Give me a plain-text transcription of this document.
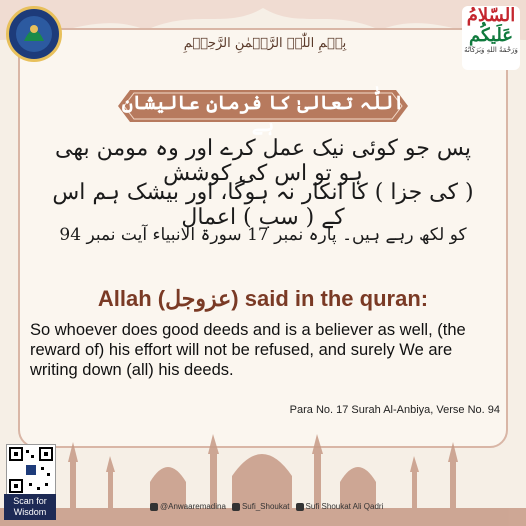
السّلامُ
عَلَیکُم
وَرَحْمَةُ اللهِ وَبَرَكَاتُهُ
بِسۡمِ اللّٰہِ الرَّحۡمٰنِ الرَّحِیۡمِ
اللّٰہ تعالیٰ کا فرمانِ عالیشان ہے
پس جو کوئی نیک عمل کرے اور وہ مومن بھی ہو تو اس کی کوشش
( کی جزا ) کا انکار نہ ہوگا، اور بیشک ہم اس کے ( سب ) اعمال
کو لکھ رہے ہیں۔ پارہ نمبر 17 سورۃ الانبیاء آیت نمبر 94
Allah (عزوجل) said in the quran:
So whoever does good deeds and is a believer as well, (the reward of) his effort will not be refused, and surely We are writing down (all) his deeds.
Para No. 17 Surah Al-Anbiya, Verse No. 94
Scan for
Wisdom
@Anwaaremadina	Sufi_Shoukat	Sufi Shoukat Ali Qadri
